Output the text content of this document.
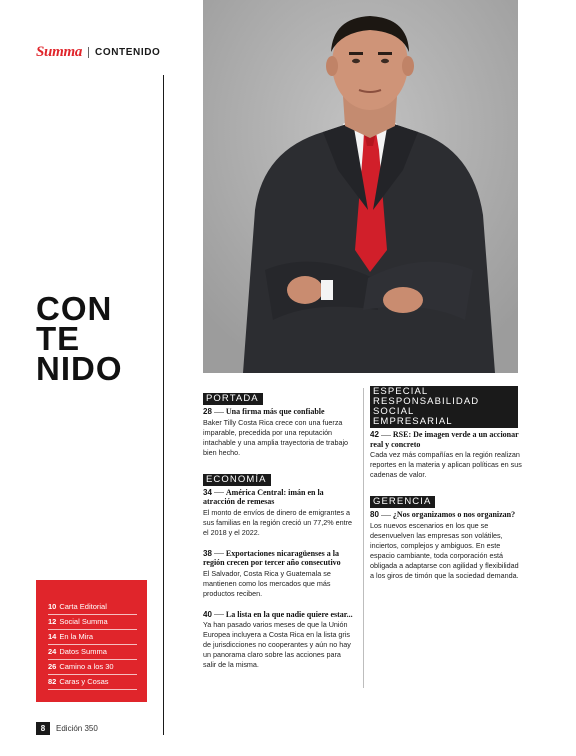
Summa CONTENIDO
CON
TE
NIDO
10 Carta Editorial
12 Social Summa
14 En la Mira
24 Datos Summa
26 Camino a los 30
82 Caras y Cosas
8	Edición 350
PORTADA
28 Una firma más que confiable
Baker Tilly Costa Rica crece con una fuerza imparable, precedida por una reputación intachable y una amplia trayectoria de trabajo bien hecho.
ECONOMÍA
34 América Central: imán en la atracción de remesas
El monto de envíos de dinero de emigrantes a sus familias en la región creció un 77,2% entre el 2018 y el 2022.
38 Exportaciones nicaragüenses a la región crecen por tercer año consecutivo
El Salvador, Costa Rica y Guatemala se mantienen como los mercados que más productos reciben.
40 La lista en la que nadie quiere estar...
Ya han pasado varios meses de que la Unión Europea incluyera a Costa Rica en la lista gris de jurisdicciones no cooperantes y aún no hay un panorama claro sobre las acciones para salir de la misma.
ESPECIAL
RESPONSABILIDAD SOCIAL
EMPRESARIAL
42 RSE: De imagen verde a un accionar real y concreto
Cada vez más compañías en la región realizan reportes en la materia y aplican políticas en sus cadenas de valor.
GERENCIA
80 ¿Nos organizamos o nos organizan?
Los nuevos escenarios en los que se desenvuelven las empresas son volátiles, inciertos, complejos y ambiguos. En este espacio cambiante, toda corporación está obligada a adaptarse con agilidad y flexibilidad a los giros de timón que la sociedad demanda.
